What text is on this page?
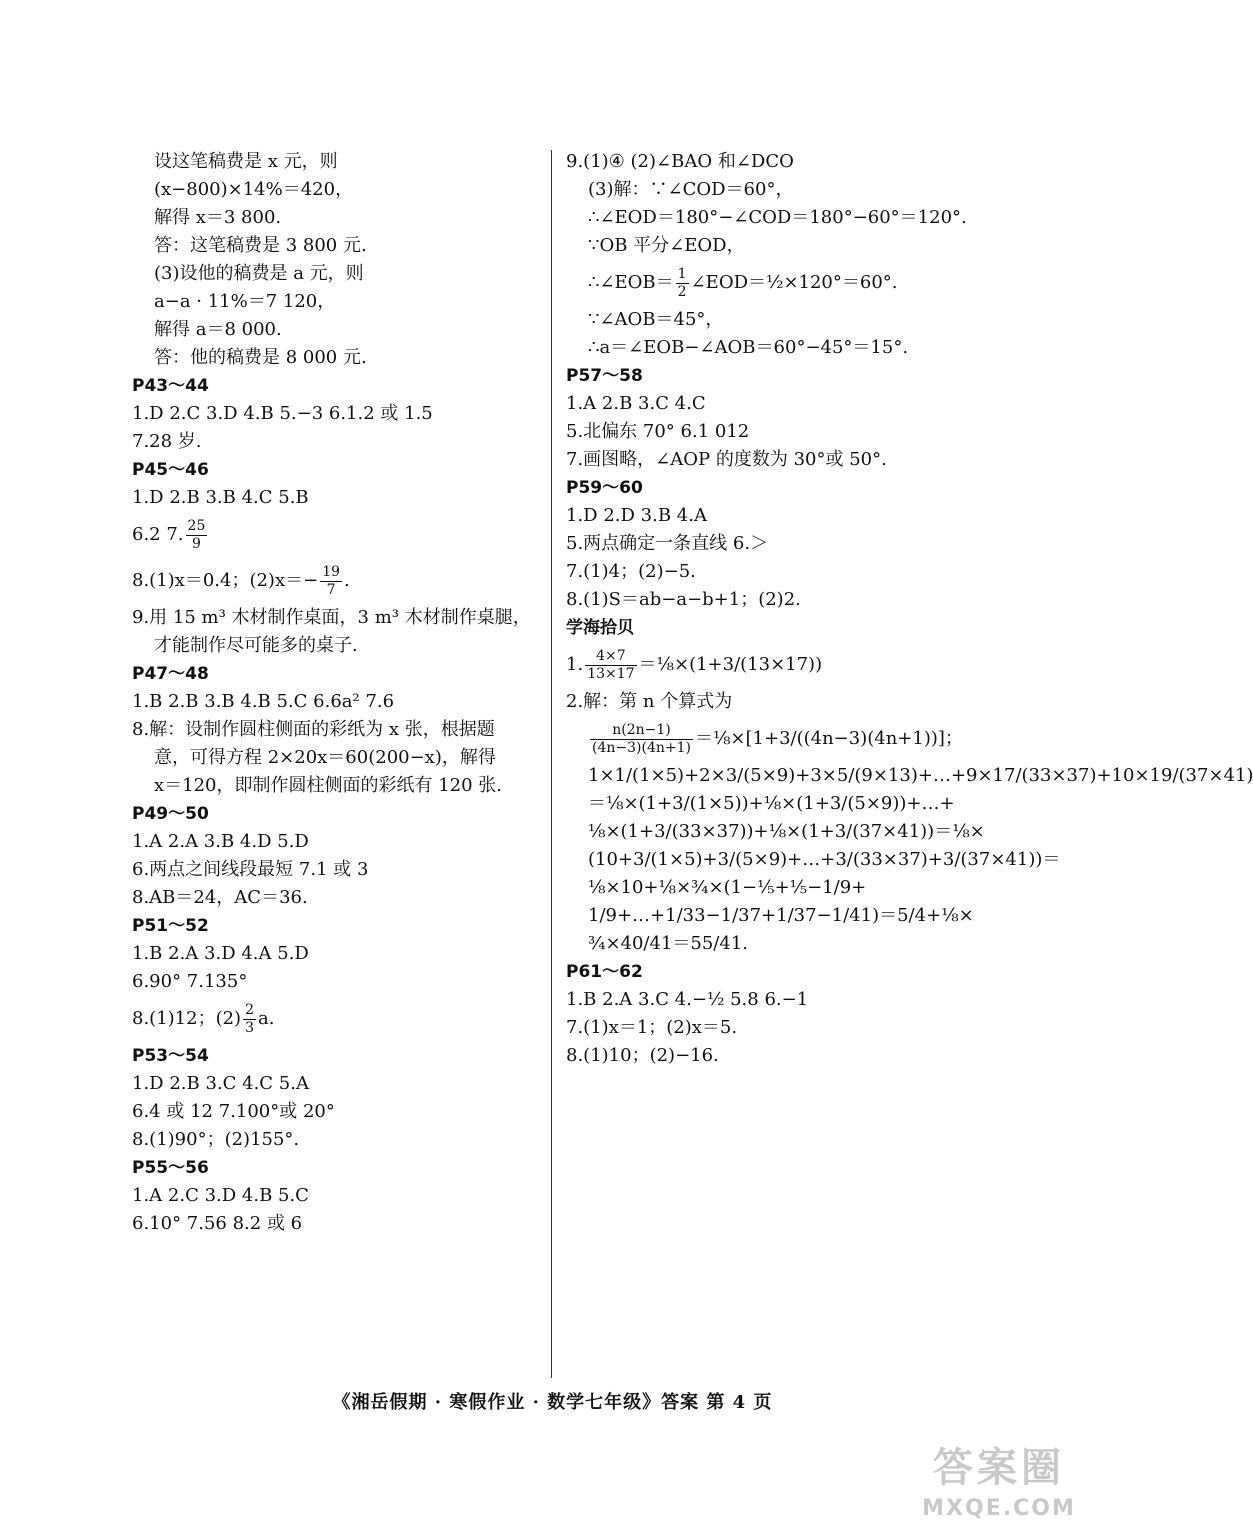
设这笔稿费是 x 元，则
(x−800)×14%＝420，
解得 x＝3 800.
答：这笔稿费是 3 800 元.
(3)设他的稿费是 a 元，则
a−a · 11%＝7 120，
解得 a＝8 000.
答：他的稿费是 8 000 元.
P43～44
1.D 2.C 3.D 4.B 5.−3 6.1.2 或 1.5
7.28 岁.
P45～46
1.D 2.B 3.B 4.C 5.B
6.2 7. $\frac{25}{9}$
8.(1)x＝0.4；$(2)x=- \frac{19}{7}$ .
9.用 15 m³ 木材制作桌面，3 m³ 木材制作桌腿，
才能制作尽可能多的桌子.
P47～48
1.B 2.B 3.B 4.B 5.C 6.6a² 7.6
8.解：设制作圆柱侧面的彩纸为 x 张，根据题
意，可得方程 2×20x＝60(200−x)，解得
x＝120，即制作圆柱侧面的彩纸有 120 张.
P49～50
1.A 2.A 3.B 4.D 5.D
6.两点之间线段最短 7.1 或 3
8.AB＝24，AC＝36.
P51～52
1.B 2.A 3.D 4.A 5.D
6.90° 7.135°
8.(1)12；$(2) \frac{2}{3} a$.
P53～54
1.D 2.B 3.C 4.C 5.A
6.4 或 12 7.100°或 20°
8.(1)90°；(2)155°.
P55～56
1.A 2.C 3.D 4.B 5.C
6.10° 7.56 8.2 或 6
9.(1)④ (2)∠BAO 和∠DCO
(3)解：∵∠COD＝60°，
∴∠EOD＝180°−∠COD＝180°−60°＝120°.
∵OB 平分∠EOD，
∴∠EOB＝ $\frac{1}{2}$ ∠EOD＝½×120°＝60°.
∵∠AOB＝45°，
∴a＝∠EOB−∠AOB＝60°−45°＝15°.
P57～58
1.A 2.B 3.C 4.C
5.北偏东 70° 6.1 012
7.画图略，∠AOP 的度数为 30°或 50°.
P59～60
1.D 2.D 3.B 4.A
5.两点确定一条直线 6.＞
7.(1)4；(2)−5.
8.(1)S＝ab−a−b+1；(2)2.
学海拾贝
1. $\frac{4\times 7}{13\times 17}$ ＝⅛×(1+3/(13×17))
2.解：第 n 个算式为
$\frac{n(2n-1)}{(4n-3)(4n+1)}$ ＝⅛×[1+3/((4n−3)(4n+1))]；
1×1/(1×5)+2×3/(5×9)+3×5/(9×13)+…+9×17/(33×37)+10×19/(37×41)
＝⅛×(1+3/(1×5))+⅛×(1+3/(5×9))+…+
⅛×(1+3/(33×37))+⅛×(1+3/(37×41))＝⅛×
(10+3/(1×5)+3/(5×9)+…+3/(33×37)+3/(37×41))＝
⅛×10+⅛×¾×(1−⅕+⅕−1/9+
1/9+…+1/33−1/37+1/37−1/41)＝5/4+⅛×
¾×40/41＝55/41.
P61～62
1.B 2.A 3.C 4.−½ 5.8 6.−1
7.(1)x＝1；(2)x＝5.
8.(1)10；(2)−16.
《湘岳假期 · 寒假作业 · 数学七年级》答案 第 4 页
答案圈
MXQE.COM
